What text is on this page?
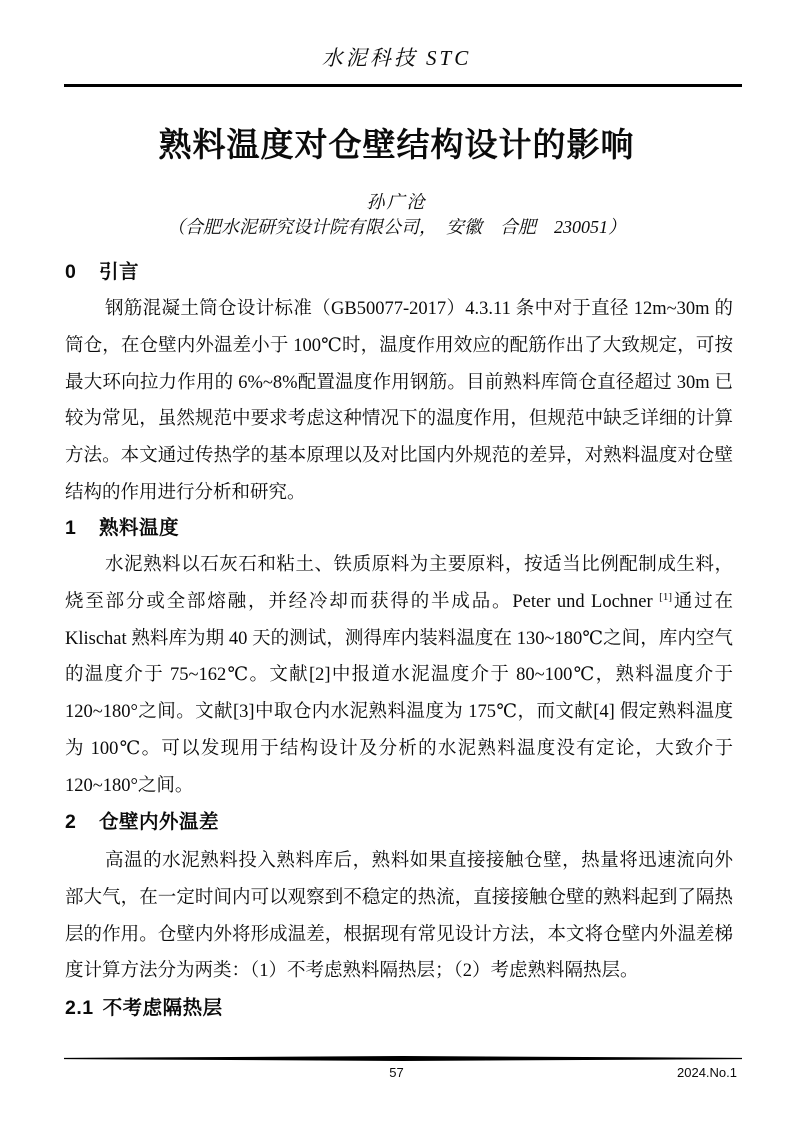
水泥科技 STC
熟料温度对仓壁结构设计的影响
孙广沧
（合肥水泥研究设计院有限公司，　安徽　合肥　230051）
0 引言
钢筋混凝土筒仓设计标准（GB50077-2017）4.3.11 条中对于直径 12m~30m 的筒仓，在仓壁内外温差小于 100℃时，温度作用效应的配筋作出了大致规定，可按最大环向拉力作用的 6%~8%配置温度作用钢筋。目前熟料库筒仓直径超过 30m 已较为常见，虽然规范中要求考虑这种情况下的温度作用，但规范中缺乏详细的计算方法。本文通过传热学的基本原理以及对比国内外规范的差异，对熟料温度对仓壁结构的作用进行分析和研究。
1 熟料温度
水泥熟料以石灰石和粘土、铁质原料为主要原料，按适当比例配制成生料，烧至部分或全部熔融，并经冷却而获得的半成品。Peter und Lochner [1]通过在 Klischat 熟料库为期 40 天的测试，测得库内装料温度在 130~180℃之间，库内空气的温度介于 75~162℃。文献[2]中报道水泥温度介于 80~100℃，熟料温度介于 120~180°之间。文献[3]中取仓内水泥熟料温度为 175℃，而文献[4] 假定熟料温度为 100℃。可以发现用于结构设计及分析的水泥熟料温度没有定论，大致介于 120~180°之间。
2 仓壁内外温差
高温的水泥熟料投入熟料库后，熟料如果直接接触仓壁，热量将迅速流向外部大气，在一定时间内可以观察到不稳定的热流，直接接触仓壁的熟料起到了隔热层的作用。仓壁内外将形成温差，根据现有常见设计方法，本文将仓壁内外温差梯度计算方法分为两类：（1）不考虑熟料隔热层；（2）考虑熟料隔热层。
2.1 不考虑隔热层
57	2024.No.1
